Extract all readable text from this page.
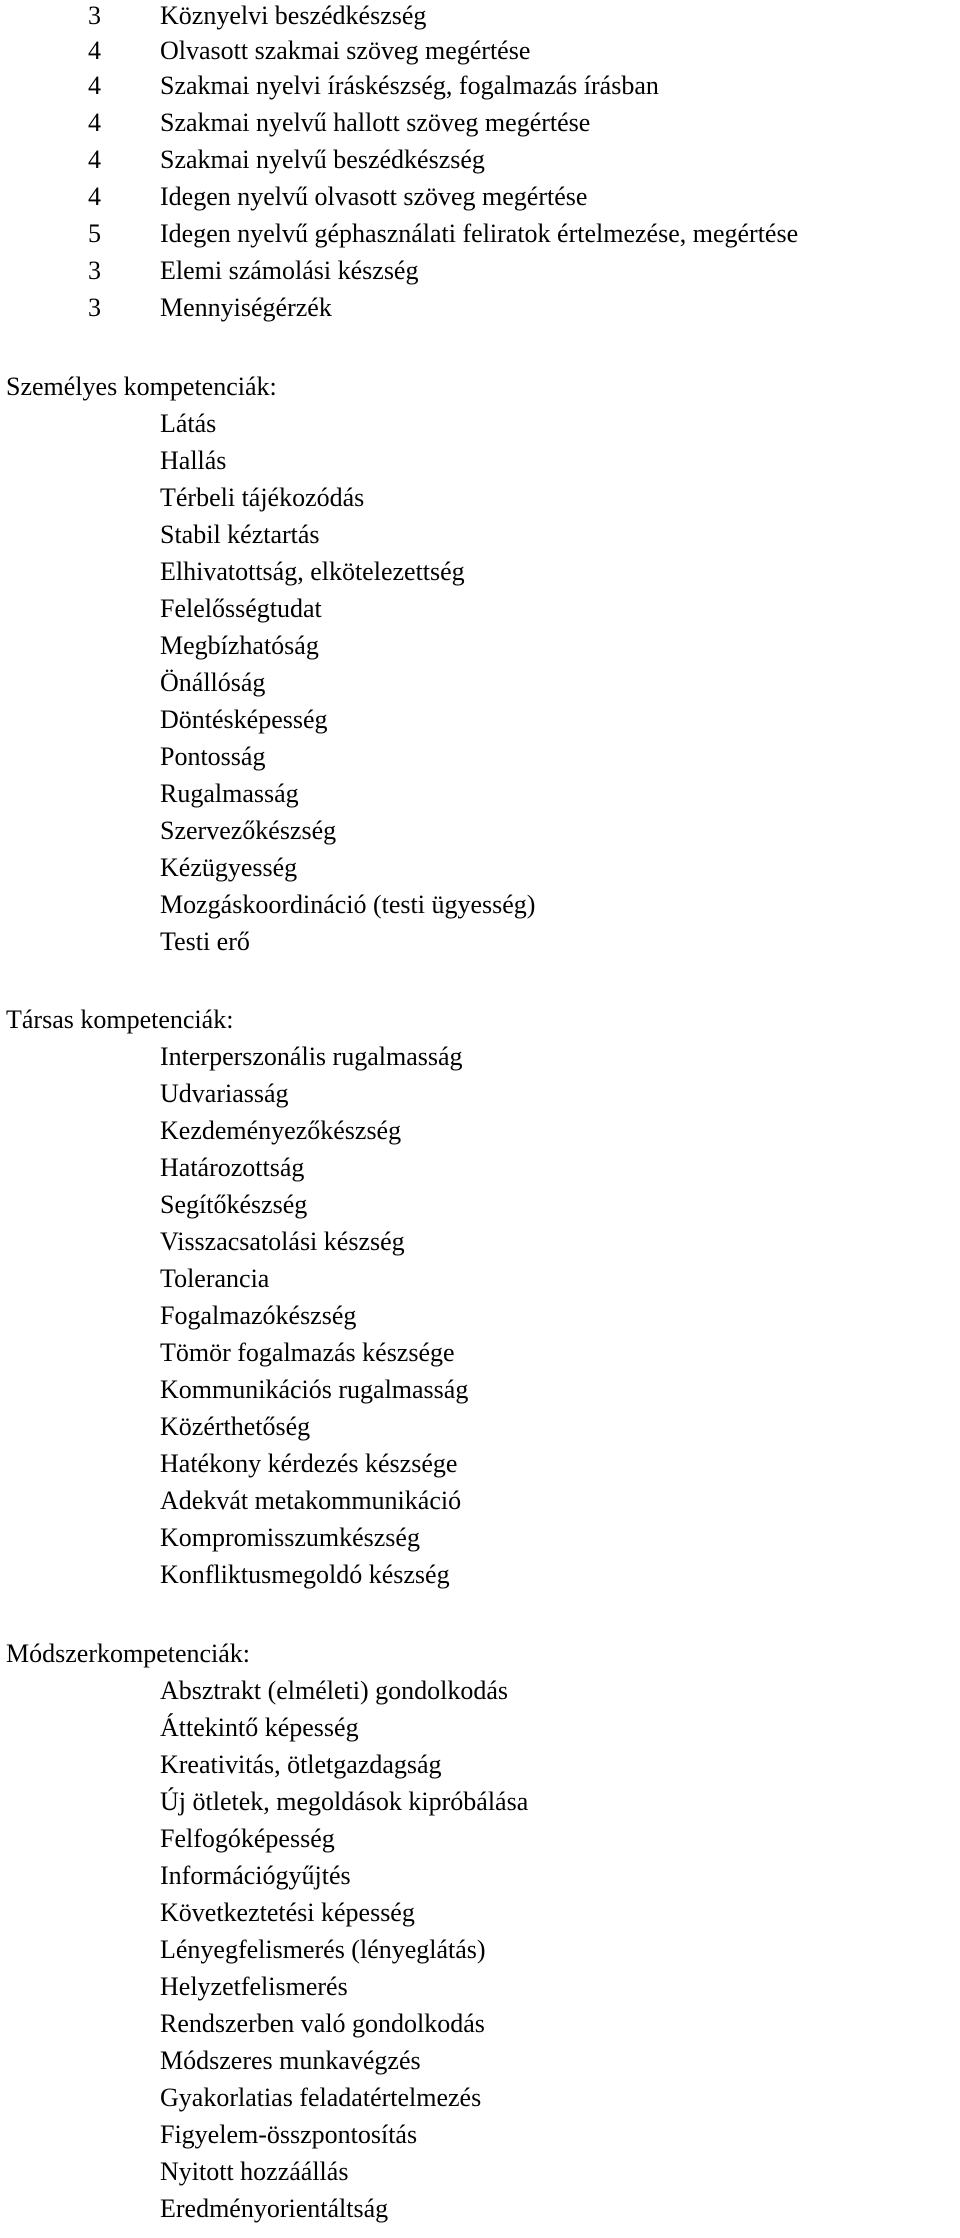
3	Köznyelvi beszédkészség
4	Olvasott szakmai szöveg megértése
4	Szakmai nyelvi íráskészség, fogalmazás írásban
4	Szakmai nyelvű hallott szöveg megértése
4	Szakmai nyelvű beszédkészség
4	Idegen nyelvű olvasott szöveg megértése
5	Idegen nyelvű géphasználati feliratok értelmezése, megértése
3	Elemi számolási készség
3	Mennyiségérzék
Személyes kompetenciák:
Látás
Hallás
Térbeli tájékozódás
Stabil kéztartás
Elhivatottság, elkötelezettség
Felelősségtudat
Megbízhatóság
Önállóság
Döntésképesség
Pontosság
Rugalmasság
Szervezőkészség
Kézügyesség
Mozgáskoordináció (testi ügyesség)
Testi erő
Társas kompetenciák:
Interperszonális rugalmasság
Udvariasság
Kezdeményezőkészség
Határozottság
Segítőkészség
Visszacsatolási készség
Tolerancia
Fogalmazókészség
Tömör fogalmazás készsége
Kommunikációs rugalmasság
Közérthetőség
Hatékony kérdezés készsége
Adekvát metakommunikáció
Kompromisszumkészség
Konfliktusmegoldó készség
Módszerkompetenciák:
Absztrakt (elméleti) gondolkodás
Áttekintő képesség
Kreativitás, ötletgazdagság
Új ötletek, megoldások kipróbálása
Felfogóképesség
Információgyűjtés
Következtetési képesség
Lényegfelismerés (lényeglátás)
Helyzetfelismerés
Rendszerben való gondolkodás
Módszeres munkavégzés
Gyakorlatias feladatértelmezés
Figyelem-összpontosítás
Nyitott hozzáállás
Eredményorientáltság
